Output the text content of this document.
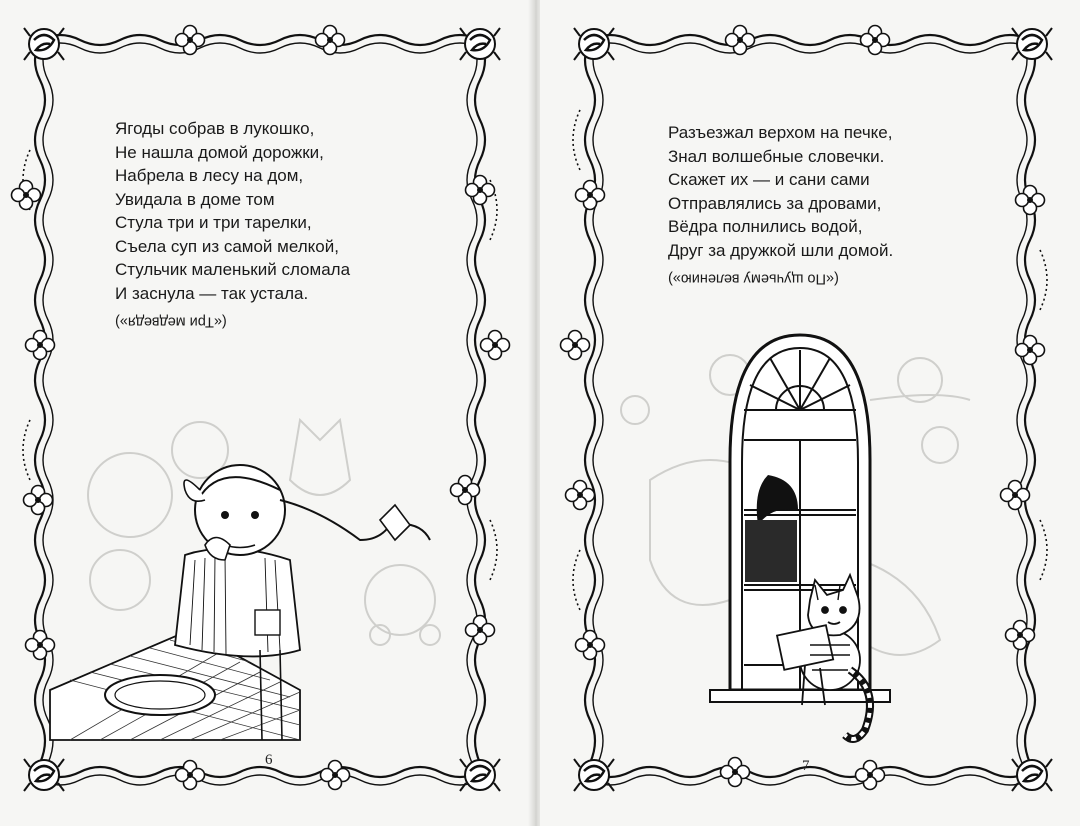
Ягоды собрав в лукошко,
Не нашла домой дорожки,
Набрела в лесу на дом,
Увидала в доме том
Стула три и три тарелки,
Съела суп из самой мелкой,
Стульчик маленький сломала
И заснула — так устала.
(«Три медведя»)
6
Разъезжал верхом на печке,
Знал волшебные словечки.
Скажет их — и сани сами
Отправлялись за дровами,
Вёдра полнились водой,
Друг за дружкой шли домой.
(«По щучьему велению»)
7
